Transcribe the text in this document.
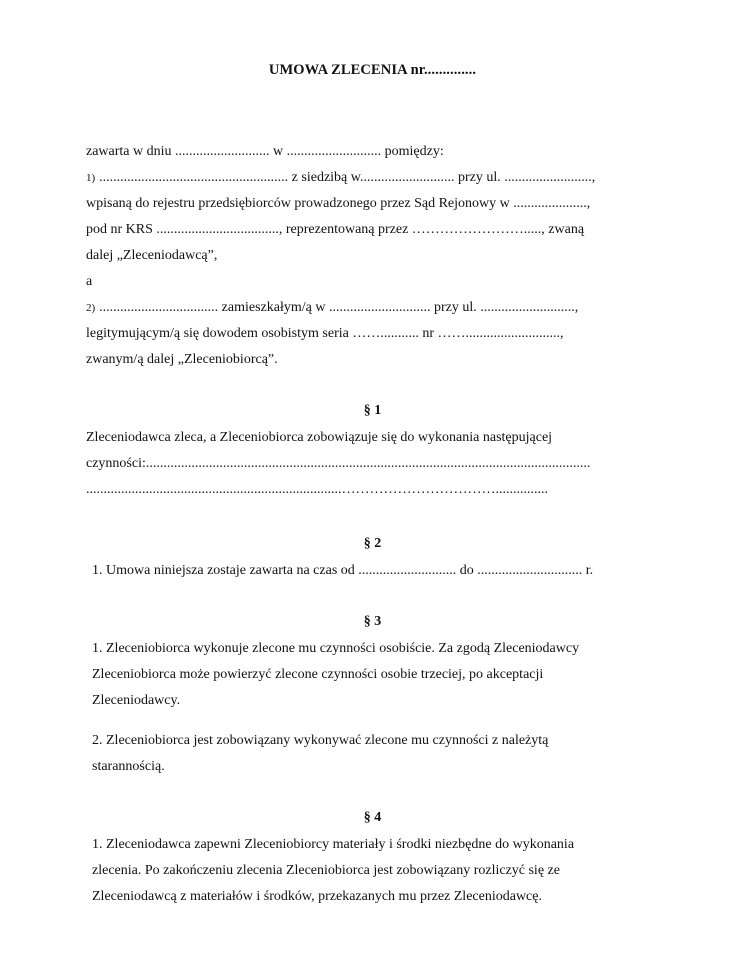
UMOWA ZLECENIA nr..............
zawarta w dniu ........................... w ........................... pomiędzy:
1) ...................................................... z siedzibą w........................... przy ul. .........................,
wpisaną do rejestru przedsiębiorców prowadzonego przez Sąd Rejonowy w .....................,
pod nr KRS ..................................., reprezentowaną przez ……………………....., zwaną
dalej „Zleceniodawcą”,
a
2) .................................. zamieszkałym/ą w ............................. przy ul. ...........................,
legitymującym/ą się dowodem osobistym seria ……........... nr ……...........................,
zwanym/ą dalej „Zleceniobiorcą”.
§ 1
Zleceniodawca zleca, a Zleceniobiorca zobowiązuje się do wykonania następującej
czynności:...............................................................................................................................
.........................................................................……………………………...............
§ 2
1. Umowa niniejsza zostaje zawarta na czas od ............................ do .............................. r.
§ 3
1. Zleceniobiorca wykonuje zlecone mu czynności osobiście. Za zgodą Zleceniodawcy
Zleceniobiorca może powierzyć zlecone czynności osobie trzeciej, po akceptacji
Zleceniodawcy.
2. Zleceniobiorca jest zobowiązany wykonywać zlecone mu czynności z należytą
starannością.
§ 4
1. Zleceniodawca zapewni Zleceniobiorcy materiały i środki niezbędne do wykonania
zlecenia. Po zakończeniu zlecenia Zleceniobiorca jest zobowiązany rozliczyć się ze
Zleceniodawcą z materiałów i środków, przekazanych mu przez Zleceniodawcę.
